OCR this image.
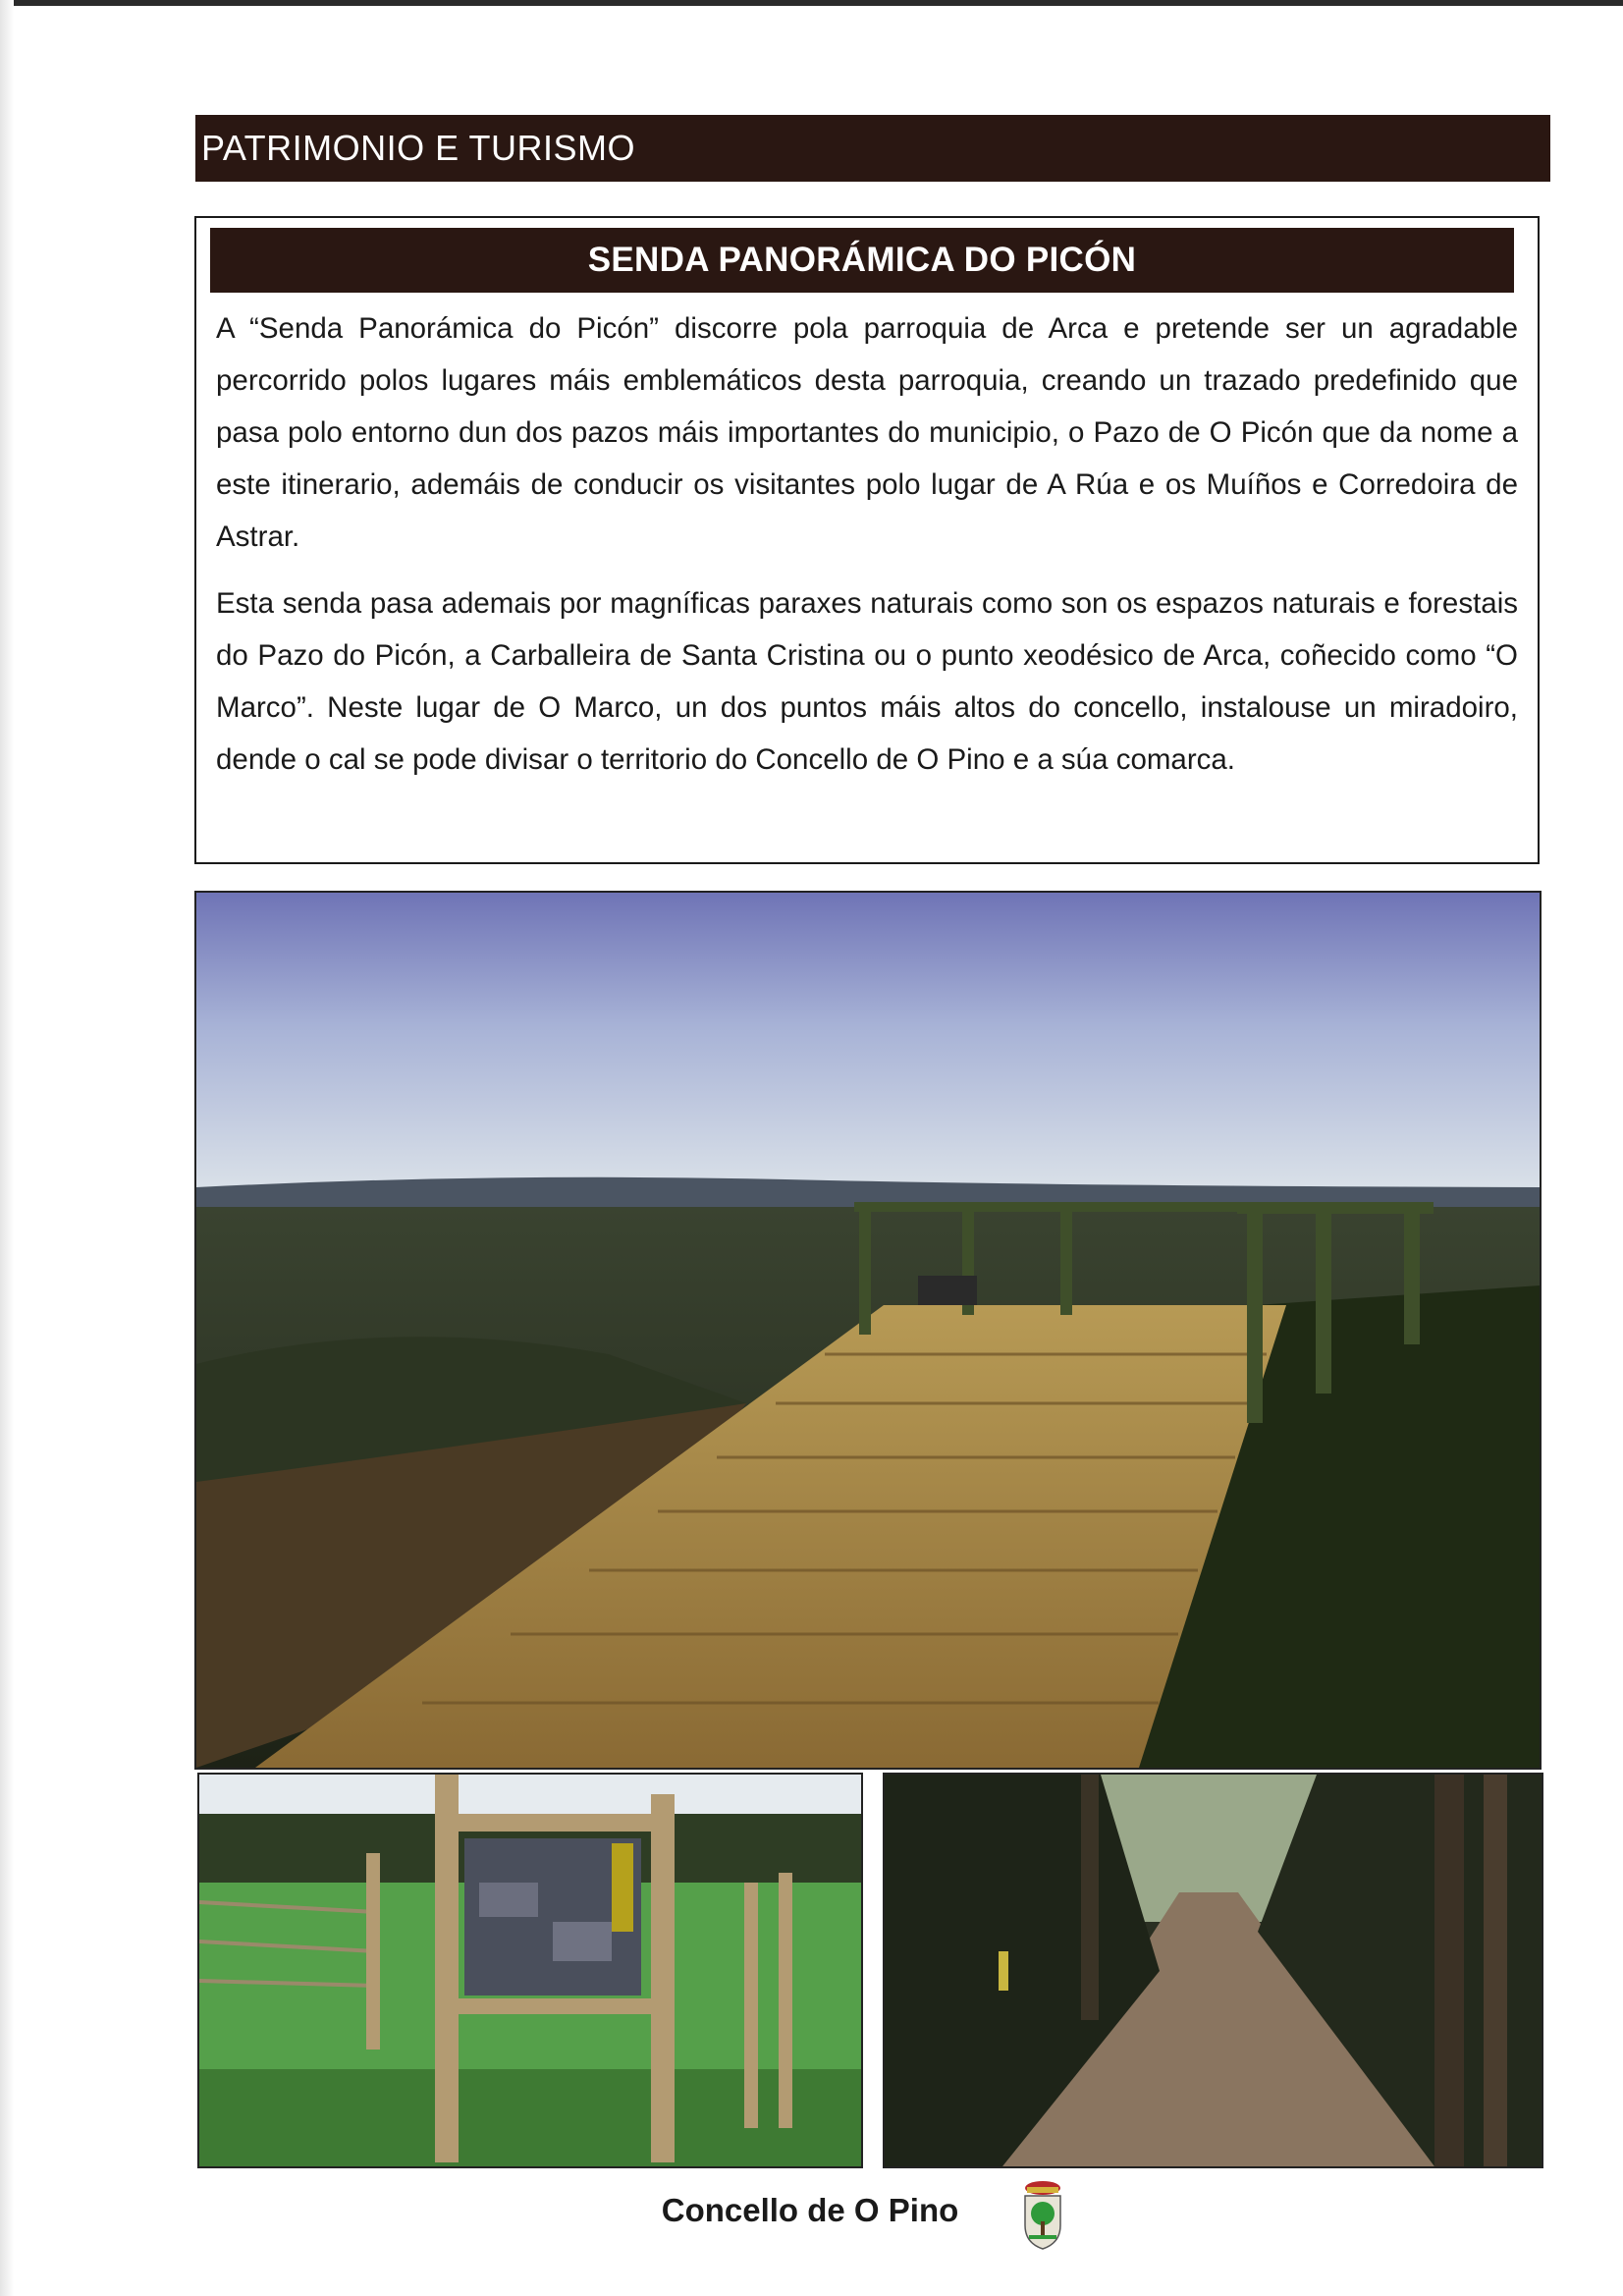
PATRIMONIO E TURISMO
SENDA PANORÁMICA DO PICÓN

A “Senda Panorámica do Picón” discorre pola parroquia de Arca e pretende ser un agradable percorrido polos lugares máis emblemáticos desta parroquia, creando un trazado predefinido que pasa polo entorno dun dos pazos máis importantes do municipio, o Pazo de O Picón que da nome a este itinerario, ademáis de conducir os visitantes polo lugar de A Rúa e os Muíños e Corredoira de Astrar.

Esta senda pasa ademais por magníficas paraxes naturais como son os espazos naturais e forestais do Pazo do Picón, a Carballeira de Santa Cristina ou o punto xeodésico de Arca, coñecido como “O Marco”. Neste lugar de O Marco, un dos puntos máis altos do concello, instalouse un miradoiro, dende o cal se pode divisar o territorio do Concello de O Pino e a súa comarca.

Concello de O Pino
